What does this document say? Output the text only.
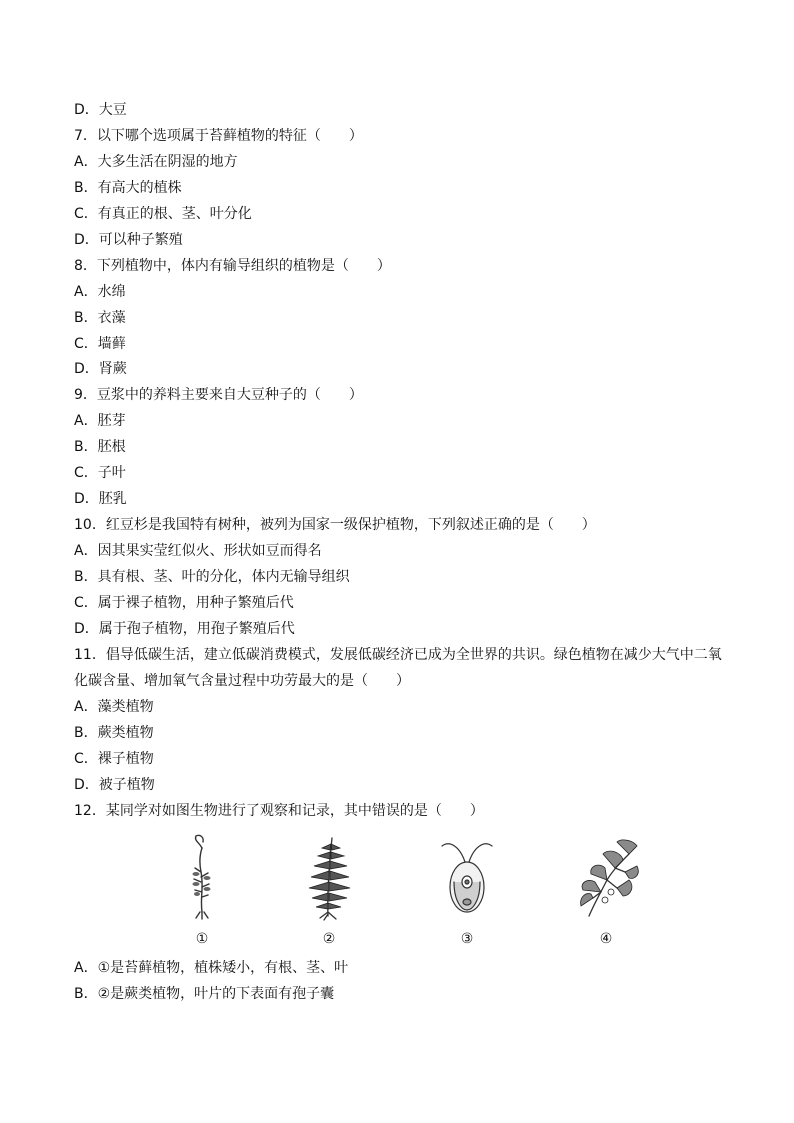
D．大豆
7．以下哪个选项属于苔藓植物的特征（　　）
A．大多生活在阴湿的地方
B．有高大的植株
C．有真正的根、茎、叶分化
D．可以种子繁殖
8．下列植物中，体内有输导组织的植物是（　　）
A．水绵
B．衣藻
C．墙藓
D．肾蕨
9．豆浆中的养料主要来自大豆种子的（　　）
A．胚芽
B．胚根
C．子叶
D．胚乳
10．红豆杉是我国特有树种，被列为国家一级保护植物，下列叙述正确的是（　　）
A．因其果实莹红似火、形状如豆而得名
B．具有根、茎、叶的分化，体内无输导组织
C．属于裸子植物，用种子繁殖后代
D．属于孢子植物，用孢子繁殖后代
11．倡导低碳生活，建立低碳消费模式，发展低碳经济已成为全世界的共识。绿色植物在减少大气中二氧
化碳含量、增加氧气含量过程中功劳最大的是（　　）
A．藻类植物
B．蕨类植物
C．裸子植物
D．被子植物
12．某同学对如图生物进行了观察和记录，其中错误的是（　　）
①	②	③	④
A．①是苔藓植物，植株矮小，有根、茎、叶
B．②是蕨类植物，叶片的下表面有孢子囊
